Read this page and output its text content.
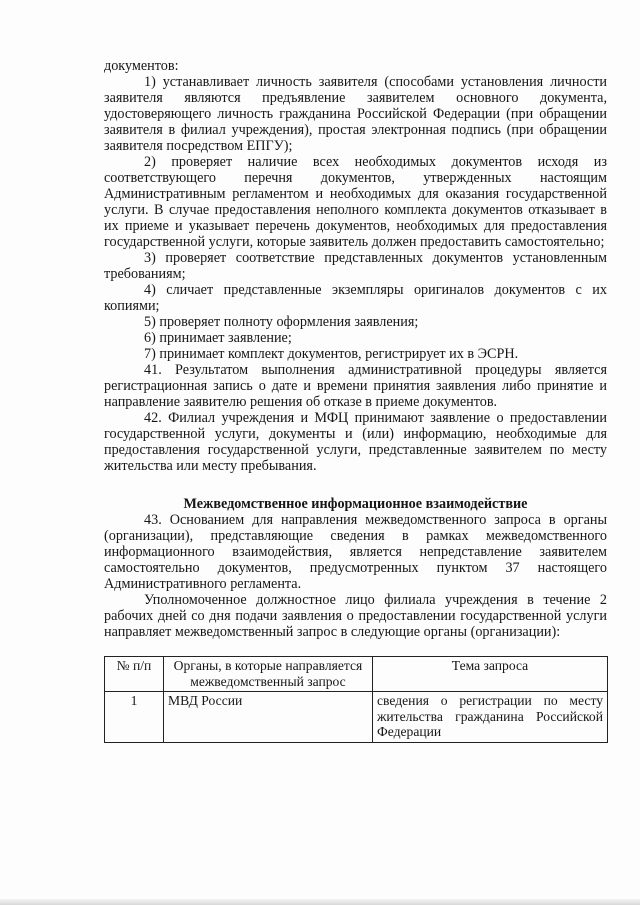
документов:

1) устанавливает личность заявителя (способами установления личности заявителя являются предъявление заявителем основного документа, удостоверяющего личность гражданина Российской Федерации (при обращении заявителя в филиал учреждения), простая электронная подпись (при обращении заявителя посредством ЕПГУ);

2) проверяет наличие всех необходимых документов исходя из соответствующего перечня документов, утвержденных настоящим Административным регламентом и необходимых для оказания государственной услуги. В случае предоставления неполного комплекта документов отказывает в их приеме и указывает перечень документов, необходимых для предоставления государственной услуги, которые заявитель должен предоставить самостоятельно;

3) проверяет соответствие представленных документов установленным требованиям;

4) сличает представленные экземпляры оригиналов документов с их копиями;

5) проверяет полноту оформления заявления;

6) принимает заявление;

7) принимает комплект документов, регистрирует их в ЭСРН.

41. Результатом выполнения административной процедуры является регистрационная запись о дате и времени принятия заявления либо принятие и направление заявителю решения об отказе в приеме документов.

42. Филиал учреждения и МФЦ принимают заявление о предоставлении государственной услуги, документы и (или) информацию, необходимые для предоставления государственной услуги, представленные заявителем по месту жительства или месту пребывания.

Межведомственное информационное взаимодействие

43. Основанием для направления межведомственного запроса в органы (организации), представляющие сведения в рамках межведомственного информационного взаимодействия, является непредставление заявителем самостоятельно документов, предусмотренных пунктом 37 настоящего Административного регламента.

Уполномоченное должностное лицо филиала учреждения в течение 2 рабочих дней со дня подачи заявления о предоставлении государственной услуги направляет межведомственный запрос в следующие органы (организации):

№ п/п	Органы, в которые направляется межведомственный запрос	Тема запроса
1	МВД России	сведения о регистрации по месту жительства гражданина Российской Федерации
